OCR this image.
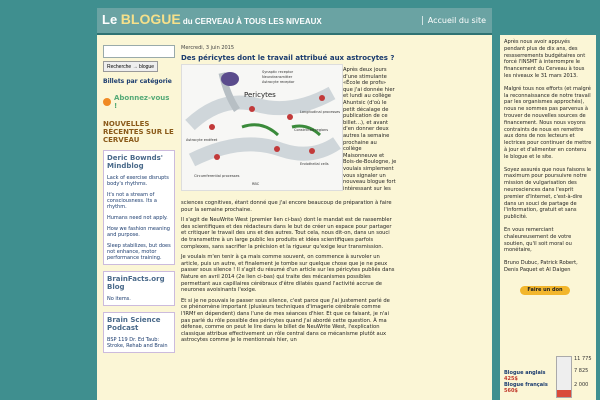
Le BLOGUE du CERVEAU À TOUS LES NIVEAUX	Accueil du site
Recherche → blogue
Billets par catégorie
Abonnez-vous !
NOUVELLES RÉCENTES SUR LE CERVEAU
Deric Bownds' Mindblog
Lack of exercise disrupts body's rhythms.
It's not a stream of consciousness. Its a rhythm.
Humans need not apply.
How we fashion meaning and purpose.
Sleep stabilizes, but does not enhance, motor performance training.
BrainFacts.org Blog
No items.
Brain Science Podcast
BSP 119 Dr. Ed Taub: Stroke, Rehab and Brain
Mercredi, 3 juin 2015
Des péricytes dont le travail attribué aux astrocytes ?
Pericytes
Synaptic receptor
Neurotransmitter
Astrocyte receptor
Astrocyte endfeet
Longitudinal processes
Constricted regions
Endothelial cells
Circumferential processes
RBC
Après deux jours d'une stimulante «École de profs» que j'ai donnée hier et lundi au collège Ahuntsic (d'où le petit décalage de publication de ce billet…), et avant d'en donner deux autres la semaine prochaine au collège Maisonneuve et Bois-de-Boulogne, je voulais simplement vous signaler un nouveau blogue fort intéressant sur les

sciences cognitives, étant donné que j'ai encore beaucoup de préparation à faire pour la semaine prochaine.

Il s'agit de NeuWrite West (premier lien ci-bas) dont le mandat est de rassembler des scientifiques et des rédacteurs dans le but de créer un espace pour partager et critiquer le travail des uns et des autres. Tout cela, nous dit-on, dans un souci de transmettre à un large public les produits et idées scientifiques parfois complexes, sans sacrifier la précision et la rigueur qu'exige leur transmission.

Je voulais m'en tenir à ça mais comme souvent, on commence à survoler un article, puis un autre, et finalement je tombe sur quelque chose que je ne peux passer sous silence ! Il s'agit du résumé d'un article sur les péricytes publiés dans Nature en avril 2014 (2e lien ci-bas) qui traite des mécanismes possibles permettant aux capillaires cérébraux d'être dilatés quand l'activité accrue de neurones avoisinants l'exige.

Et si je ne pouvais le passer sous silence, c'est parce que j'ai justement parlé de ce phénomène important (plusieurs techniques d'imagerie cérébrale comme l'IRMf en dépendent) dans l'une de mes séances d'hier. Et que ce faisant, je n'ai pas parlé du rôle possible des péricytes quand j'ai abordé cette question. À ma défense, comme on peut le lire dans le billet de NeuWrite West, l'explication classique attribue effectivement un rôle central dans ce mécanisme plutôt aux astrocytes comme je le mentionnais hier, un

Après nous avoir appuyés pendant plus de dix ans, des ressserrements budgétaires ont forcé l'INSMT à interrompre le financement du Cerveau à tous les niveaux le 31 mars 2013.

Malgré tous nos efforts (et malgré la reconnaissance de notre travail par les organismes approchés), nous ne sommes pas parvenus à trouver de nouvelles sources de financement. Nous nous voyons contraints de nous en remettre aux dons de nos lecteurs et lectrices pour continuer de mettre à jour et d'alimenter en contenu le blogue et le site.

Soyez assurés que nous faisons le maximum pour poursuivre notre mission de vulgarisation des neurosciences dans l'esprit premier d'Internet, c'est-à-dire dans un souci de partage de l'information, gratuit et sans publicité.

En vous remerciant chaleureusement de votre soutien, qu'il soit moral ou monétaire,

Bruno Dubuc, Patrick Robert, Denis Paquet et Al Daigen

Faire un don
11 775
7 825
2 000
Blogue anglais
425$
Blogue français
560$
